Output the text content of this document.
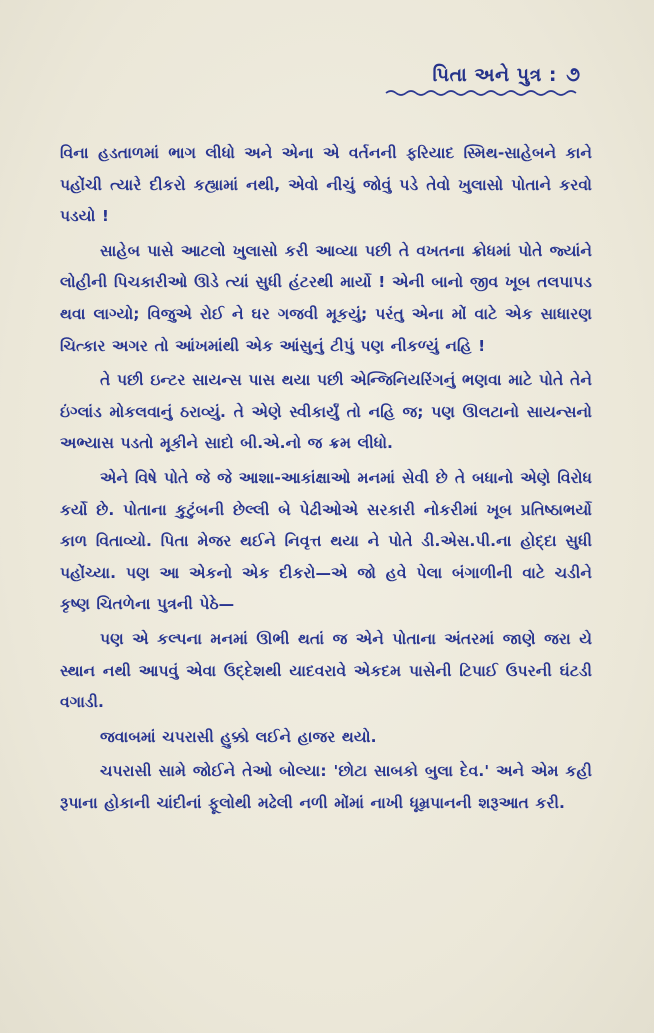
પિતા અને પુત્ર : ૭

વિના હડતાળમાં ભાગ લીધો અને એના એ વર્તનની ફરિયાદ સ્મિથ-સાહેબને કાને પહોંચી ત્યારે દીકરો કહ્યામાં નથી, એવો નીચું જોવું પડે તેવો ખુલાસો પોતાને કરવો પડયો !

સાહેબ પાસે આટલો ખુલાસો કરી આવ્યા પછી તે વખતના ક્રોધમાં પોતે જ્યાંને લોહીની પિચકારીઓ ઊડે ત્યાં સુધી હંટરથી માર્યો ! એની બાનો જીવ ખૂબ તલપાપડ થવા લાગ્યો; વિજુએ રોઈ ને ઘર ગજવી મૂકયું; પરંતુ એના મોં વાટે એક સાધારણ ચિત્કાર અગર તો આંખમાંથી એક આંસુનું ટીપું પણ નીકળ્યું નહિ !

તે પછી ઇન્ટર સાયન્સ પાસ થયા પછી એન્જિનિયરિંગનું ભણવા માટે પોતે તેને ઇંગ્લાંડ મોકલવાનું ઠરાવ્યું. તે એણે સ્વીકાર્યું તો નહિ જ; પણ ઊલટાનો સાયન્સનો અભ્યાસ પડતો મૂકીને સાદો બી.એ.નો જ ક્રમ લીધો.

એને વિષે પોતે જે જે આશા-આકાંક્ષાઓ મનમાં સેવી છે તે બધાનો એણે વિરોધ કર્યો છે. પોતાના કુટુંબની છેલ્લી બે પેઢીઓએ સરકારી નોકરીમાં ખૂબ પ્રતિષ્ઠાભર્યો કાળ વિતાવ્યો. પિતા મેજર થઈને નિવૃત્ત થયા ને પોતે ડી.એસ.પી.ના હોદ્દા સુધી પહોંચ્યા. પણ આ એકનો એક દીકરો—એ જો હવે પેલા બંગાળીની વાટે ચડીને કૃષ્ણ ચિતળેના પુત્રની પેઠે—

પણ એ કલ્પના મનમાં ઊભી થતાં જ એને પોતાના અંતરમાં જાણે જરા યે સ્થાન નથી આપવું એવા ઉદ્દેશથી યાદવરાવે એકદમ પાસેની ટિપાઈ ઉપરની ઘંટડી વગાડી.

જવાબમાં ચપરાસી હુક્કો લઈને હાજર થયો.

ચપરાસી સામે જોઈને તેઓ બોલ્યા: 'છોટા સાબકો બુલા દેવ.' અને એમ કહી રૂપાના હોકાની ચાંદીનાં ફૂલોથી મઢેલી નળી મોંમાં નાખી ધૂમ્રપાનની શરૂઆત કરી.
